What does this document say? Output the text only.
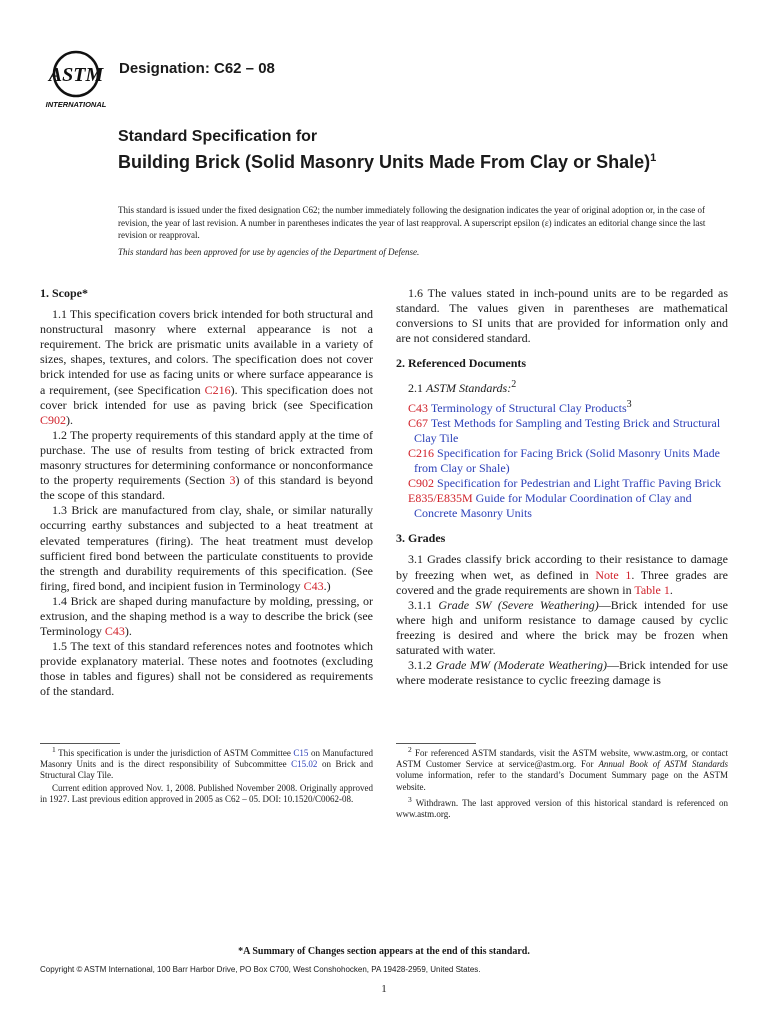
ASTM
INTERNATIONAL
Designation: C62 – 08
Standard Specification for
Building Brick (Solid Masonry Units Made From Clay or Shale)$^1$
This standard is issued under the fixed designation C62; the number immediately following the designation indicates the year of original adoption or, in the case of revision, the year of last revision. A number in parentheses indicates the year of last reapproval. A superscript epsilon (ε) indicates an editorial change since the last revision or reapproval.
This standard has been approved for use by agencies of the Department of Defense.
1. Scope*

1.1 This specification covers brick intended for both structural and nonstructural masonry where external appearance is not a requirement. The brick are prismatic units available in a variety of sizes, shapes, textures, and colors. The specification does not cover brick intended for use as facing units or where surface appearance is a requirement, (see Specification C216). This specification does not cover brick intended for use as paving brick (see Specification C902).

1.2 The property requirements of this standard apply at the time of purchase. The use of results from testing of brick extracted from masonry structures for determining conformance or nonconformance to the property requirements (Section 3) of this standard is beyond the scope of this standard.

1.3 Brick are manufactured from clay, shale, or similar naturally occurring earthy substances and subjected to a heat treatment at elevated temperatures (firing). The heat treatment must develop sufficient fired bond between the particulate constituents to provide the strength and durability requirements of this specification. (See firing, fired bond, and incipient fusion in Terminology C43.)

1.4 Brick are shaped during manufacture by molding, pressing, or extrusion, and the shaping method is a way to describe the brick (see Terminology C43).

1.5 The text of this standard references notes and footnotes which provide explanatory material. These notes and footnotes (excluding those in tables and figures) shall not be considered as requirements of the standard.

1.6 The values stated in inch-pound units are to be regarded as standard. The values given in parentheses are mathematical conversions to SI units that are provided for information only and are not considered standard.

2. Referenced Documents
2.1 ASTM Standards:$^2$
C43 Terminology of Structural Clay Products$^3$
C67 Test Methods for Sampling and Testing Brick and Structural Clay Tile
C216 Specification for Facing Brick (Solid Masonry Units Made from Clay or Shale)
C902 Specification for Pedestrian and Light Traffic Paving Brick
E835/E835M Guide for Modular Coordination of Clay and Concrete Masonry Units
3. Grades

3.1 Grades classify brick according to their resistance to damage by freezing when wet, as defined in Note 1. Three grades are covered and the grade requirements are shown in Table 1.

3.1.1 Grade SW (Severe Weathering)—Brick intended for use where high and uniform resistance to damage caused by cyclic freezing is desired and where the brick may be frozen when saturated with water.

3.1.2 Grade MW (Moderate Weathering)—Brick intended for use where moderate resistance to cyclic freezing damage is

$^1$ This specification is under the jurisdiction of ASTM Committee C15 on Manufactured Masonry Units and is the direct responsibility of Subcommittee C15.02 on Brick and Structural Clay Tile.

Current edition approved Nov. 1, 2008. Published November 2008. Originally approved in 1927. Last previous edition approved in 2005 as C62 – 05. DOI: 10.1520/C0062-08.

$^2$ For referenced ASTM standards, visit the ASTM website, www.astm.org, or contact ASTM Customer Service at service@astm.org. For Annual Book of ASTM Standards volume information, refer to the standard’s Document Summary page on the ASTM website.

$^3$ Withdrawn. The last approved version of this historical standard is referenced on www.astm.org.

*A Summary of Changes section appears at the end of this standard.
Copyright © ASTM International, 100 Barr Harbor Drive, PO Box C700, West Conshohocken, PA 19428-2959, United States.
1
